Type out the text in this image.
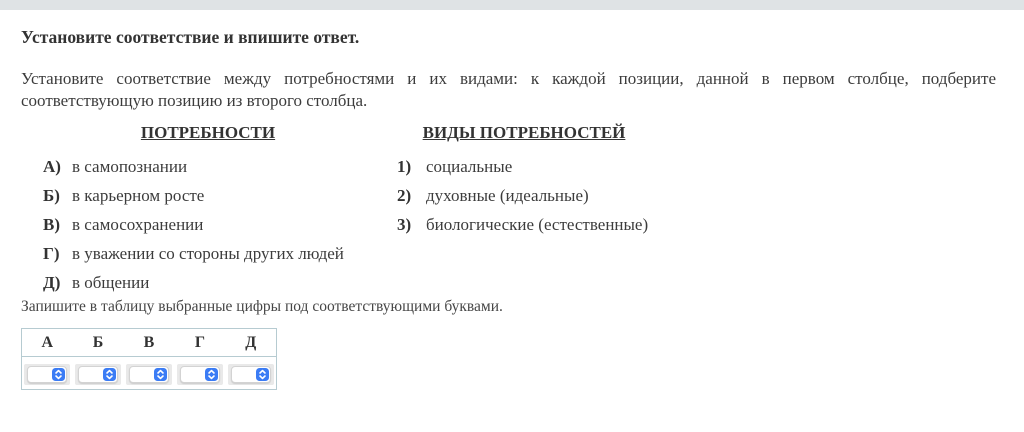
Установите соответствие и впишите ответ.

Установите соответствие между потребностями и их видами: к каждой позиции, данной в первом столбце, подберите соответствующую позицию из второго столбца.

ПОТРЕБНОСТИ
А) в самопознании
Б) в карьерном росте
В) в самосохранении
Г) в уважении со стороны других людей
Д) в общении
ВИДЫ ПОТРЕБНОСТЕЙ
1) социальные
2) духовные (идеальные)
3) биологические (естественные)

Запишите в таблицу выбранные цифры под соответствующими буквами.

А	Б	В	Г	Д
